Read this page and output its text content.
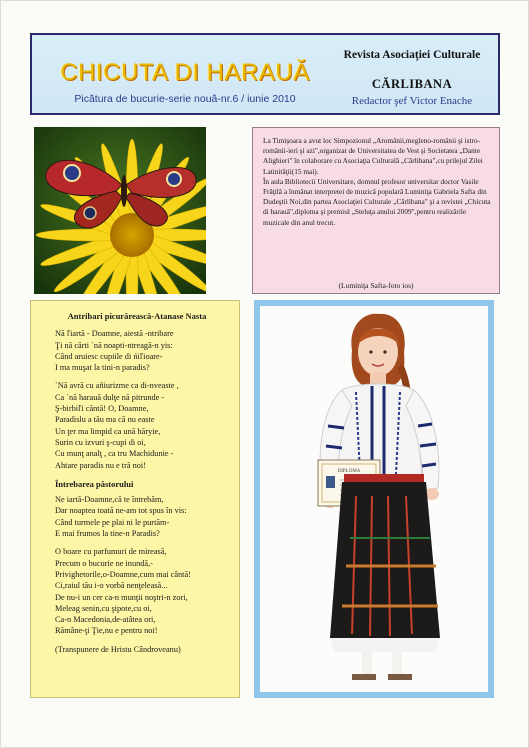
CHICUTA DI HARAUĂ
Picătura de bucurie-serie nouă-nr.6 / iunie 2010
Revista Asociaţiei Culturale
CĂRLIBANA
Redactor şef Victor Enache

La Timişoara a avut loc Simpozionul „Aromânii,megleno-românii şi istro-românii-ieri şi azi",organizat de Universitatea de Vest şi Societatea „Dante Alighieri" în colaborare cu Asociaţia Culturală „Cărlibana",cu prilejul Zilei Latinităţii(15 mai).

În aula Bibliotecii Universitare, domnul profesor universitar doctor Vasile Frăţilă a înmânat interpretei de muzică populară Luminiţa Gabriela Safta din Dudeştii Noi,din partea Asociaţiei Culturale „Cărlibana" şi a revistei „Chicuta di harauă",diploma şi premiul „Steluţa anului 2009",pentru realizările muzicale din anul trecut.

(Luminiţa Safta-foto ios)
Antribari picurărească-Atanase Nasta
Nă ľiartă - Doamne, aiestă -ntribare
Ţi nă cărti ˋnă noapti-ntreagă-n yis:
Când aruiesc cupiile di ńiľioare-
I ma muşat la tini-n paradis?
ˋNă avră cu añiurizme ca di-nveaste ,
Ca ˋnă harauă dulţe nă pitrunde -
Ş-birbiľi căntă! O, Doamne,
Paradislu a tău ma că nu easte
Un ţer ma limpid ca ună hăryie,
Surin cu izvuri ş-cupi di oi,
Cu munţ analţ , ca tru Machidunie -
Ahtare paradis nu e tră noi!
Întrebarea păstorului
Ne iartă-Doamne,că te întrebăm,
Dar noaptea toată ne-am tot spus în vis:
Când turmele pe plai ni le purtăm-
E mai frumos la tine-n Paradis?
O boare cu parfumuri de mireasă,
Precum o bucurie ne inundă,-
Privighetorile,o-Doamne,cum mai cântă!
Ci,raiul tău i-o vorbă nenţeleasă...
De nu-i un cer ca-n munţii noştri-n zori,
Meleag senin,cu şipote,cu oi,
Ca-n Macedonia,de-atâtea ori,
Rămâne-ţi Ţie,nu e pentru noi!
(Transpunere de Hristu Cândroveanu)
DIPLOMA
